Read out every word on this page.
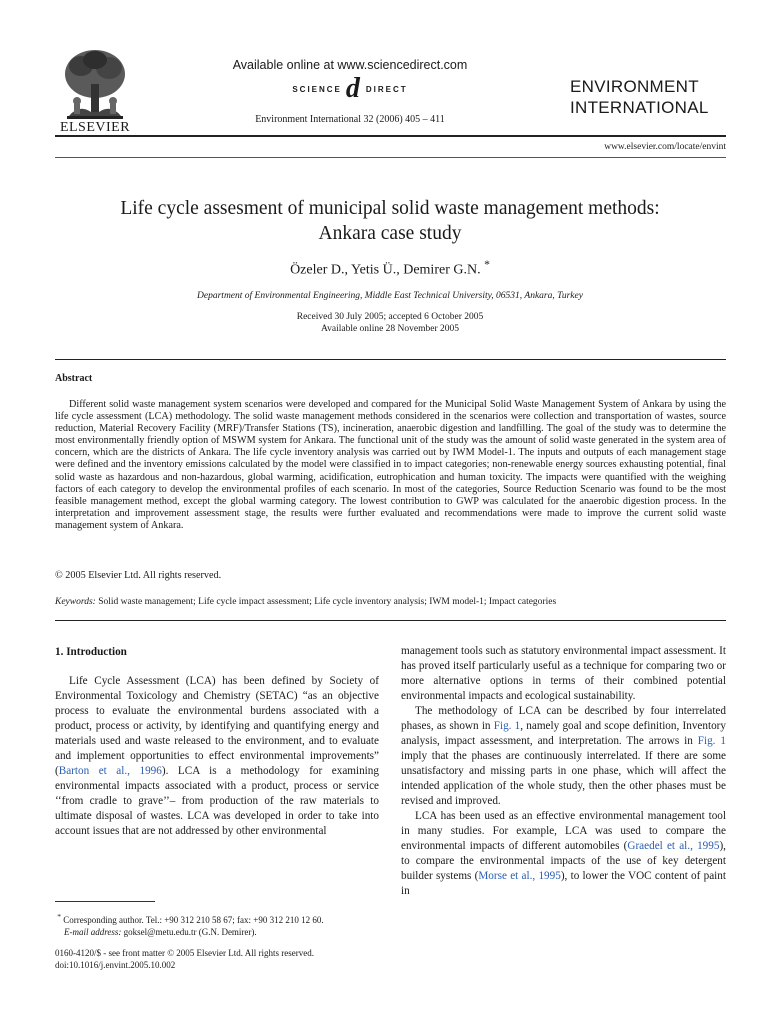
ELSEVIER
Available online at www.sciencedirect.com
SCIENCE d DIRECT
Environment International 32 (2006) 405 – 411
ENVIRONMENT
INTERNATIONAL
www.elsevier.com/locate/envint
Life cycle assesment of municipal solid waste management methods:
Ankara case study
Özeler D., Yetis Ü., Demirer G.N. *
Department of Environmental Engineering, Middle East Technical University, 06531, Ankara, Turkey
Received 30 July 2005; accepted 6 October 2005
Available online 28 November 2005
Abstract
Different solid waste management system scenarios were developed and compared for the Municipal Solid Waste Management System of Ankara by using the life cycle assessment (LCA) methodology. The solid waste management methods considered in the scenarios were collection and transportation of wastes, source reduction, Material Recovery Facility (MRF)/Transfer Stations (TS), incineration, anaerobic digestion and landfilling. The goal of the study was to determine the most environmentally friendly option of MSWM system for Ankara. The functional unit of the study was the amount of solid waste generated in the system area of concern, which are the districts of Ankara. The life cycle inventory analysis was carried out by IWM Model-1. The inputs and outputs of each management stage were defined and the inventory emissions calculated by the model were classified in to impact categories; non-renewable energy sources exhausting potential, final solid waste as hazardous and non-hazardous, global warming, acidification, eutrophication and human toxicity. The impacts were quantified with the weighing factors of each category to develop the environmental profiles of each scenario. In most of the categories, Source Reduction Scenario was found to be the most feasible management method, except the global warming category. The lowest contribution to GWP was calculated for the anaerobic digestion process. In the interpretation and improvement assessment stage, the results were further evaluated and recommendations were made to improve the current solid waste management system of Ankara.
© 2005 Elsevier Ltd. All rights reserved.
Keywords: Solid waste management; Life cycle impact assessment; Life cycle inventory analysis; IWM model-1; Impact categories
1. Introduction

Life Cycle Assessment (LCA) has been defined by Society of Environmental Toxicology and Chemistry (SETAC) “as an objective process to evaluate the environmental burdens associated with a product, process or activity, by identifying and quantifying energy and materials used and waste released to the environment, and to evaluate and implement opportunities to effect environmental improvements” (Barton et al., 1996). LCA is a methodology for examining environmental impacts associated with a product, process or service ‘‘from cradle to grave’’– from production of the raw materials to ultimate disposal of wastes. LCA was developed in order to take into account issues that are not addressed by other environmental

management tools such as statutory environmental impact assessment. It has proved itself particularly useful as a technique for comparing two or more alternative options in terms of their combined potential environmental impacts and ecological sustainability.

The methodology of LCA can be described by four interrelated phases, as shown in Fig. 1, namely goal and scope definition, Inventory analysis, impact assessment, and interpretation. The arrows in Fig. 1 imply that the phases are continuously interrelated. If there are some unsatisfactory and missing parts in one phase, which will affect the intended application of the whole study, then the other phases must be revised and improved.

LCA has been used as an effective environmental management tool in many studies. For example, LCA was used to compare the environmental impacts of different automobiles (Graedel et al., 1995), to compare the environmental impacts of the use of key detergent builder systems (Morse et al., 1995), to lower the VOC content of paint in

* Corresponding author. Tel.: +90 312 210 58 67; fax: +90 312 210 12 60.
E-mail address: goksel@metu.edu.tr (G.N. Demirer).
0160-4120/$ - see front matter © 2005 Elsevier Ltd. All rights reserved.
doi:10.1016/j.envint.2005.10.002
